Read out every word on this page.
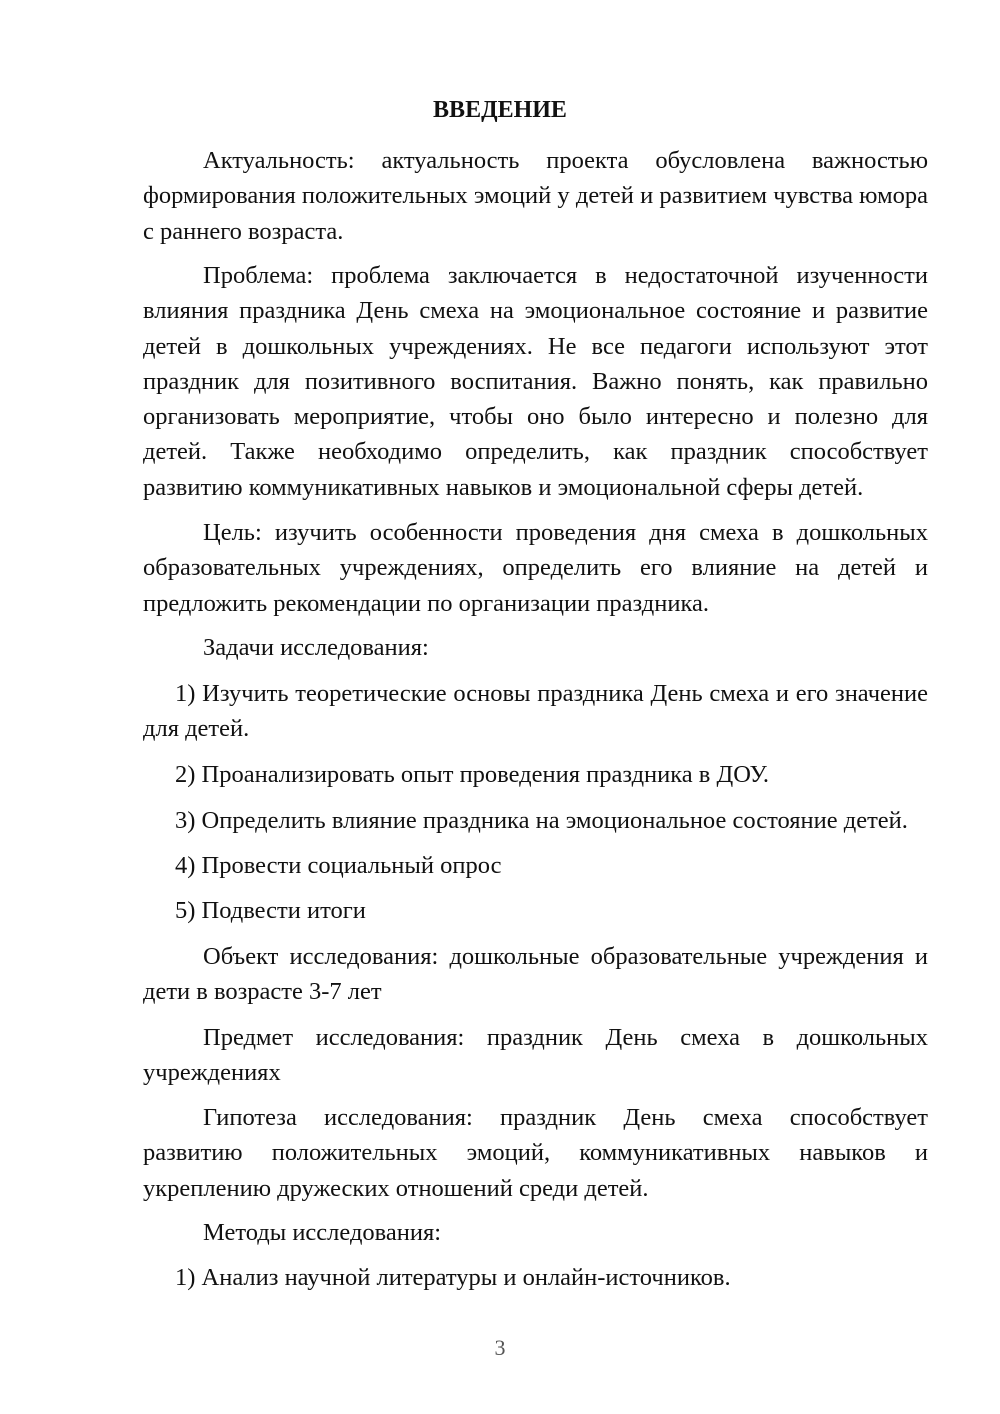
ВВЕДЕНИЕ

Актуальность: актуальность проекта обусловлена важностью формирования положительных эмоций у детей и развитием чувства юмора с раннего возраста.

Проблема: проблема заключается в недостаточной изученности влияния праздника День смеха на эмоциональное состояние и развитие детей в дошкольных учреждениях. Не все педагоги используют этот праздник для позитивного воспитания. Важно понять, как правильно организовать мероприятие, чтобы оно было интересно и полезно для детей. Также необходимо определить, как праздник способствует развитию коммуникативных навыков и эмоциональной сферы детей.

Цель: изучить особенности проведения дня смеха в дошкольных образовательных учреждениях, определить его влияние на детей и предложить рекомендации по организации праздника.

Задачи исследования:

1) Изучить теоретические основы праздника День смеха и его значение для детей.

2) Проанализировать опыт проведения праздника в ДОУ.

3) Определить влияние праздника на эмоциональное состояние детей.

4) Провести социальный опрос

5) Подвести итоги

Объект исследования: дошкольные образовательные учреждения и дети в возрасте 3-7 лет

Предмет исследования: праздник День смеха в дошкольных учреждениях

Гипотеза исследования: праздник День смеха способствует развитию положительных эмоций, коммуникативных навыков и укреплению дружеских отношений среди детей.

Методы исследования:

1) Анализ научной литературы и онлайн-источников.

3
